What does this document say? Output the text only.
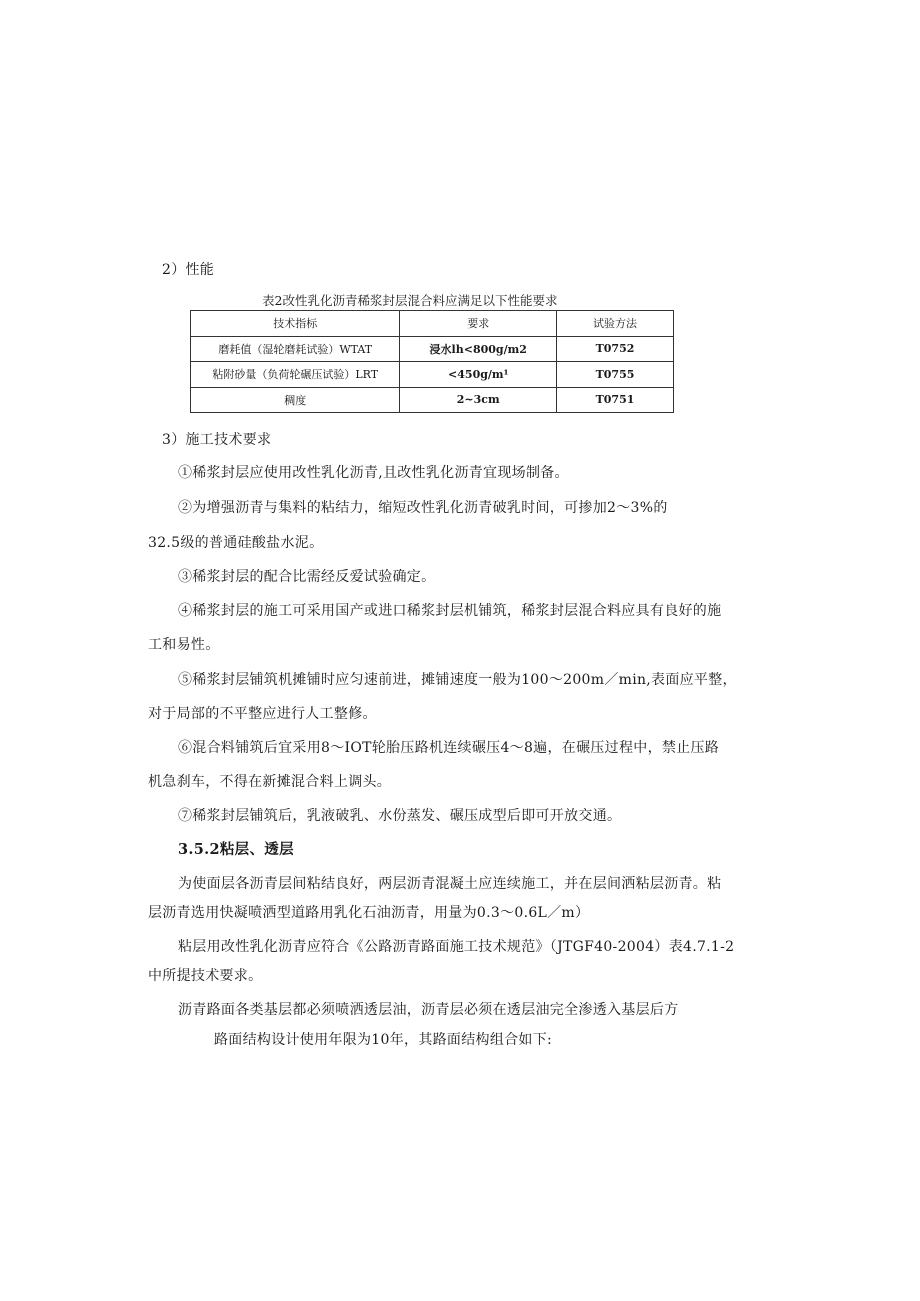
2）性能
表2改性乳化沥青稀浆封层混合料应满足以下性能要求
技术指标	要求	试验方法
磨耗值（湿轮磨耗试验）WTAT	浸水lh<800g/m2	T0752
粘附砂量（负荷轮碾压试验）LRT	<450g/m¹	T0755
稠度	2~3cm	T0751
3）施工技术要求
①稀浆封层应使用改性乳化沥青,且改性乳化沥青宜现场制备。
②为增强沥青与集料的粘结力，缩短改性乳化沥青破乳时间，可掺加2～3%的
32.5级的普通硅酸盐水泥。
③稀浆封层的配合比需经反爱试验确定。
④稀浆封层的施工可采用国产或进口稀浆封层机铺筑，稀浆封层混合料应具有良好的施
工和易性。
⑤稀浆封层铺筑机摊铺时应匀速前进，摊铺速度一般为100～200m／min,表面应平整，
对于局部的不平整应进行人工整修。
⑥混合料铺筑后宜采用8～IOT轮胎压路机连续碾压4～8遍，在碾压过程中，禁止压路
机急刹车，不得在新摊混合料上调头。
⑦稀浆封层铺筑后，乳液破乳、水份蒸发、碾压成型后即可开放交通。
3.5.2粘层、透层
为使面层各沥青层间粘结良好，两层沥青混凝土应连续施工，并在层间洒粘层沥青。粘
层沥青选用快凝喷洒型道路用乳化石油沥青，用量为0.3～0.6L／m）
粘层用改性乳化沥青应符合《公路沥青路面施工技术规范》（JTGF40-2004）表4.7.1-2
中所提技术要求。
沥青路面各类基层都必须喷洒透层油，沥青层必须在透层油完全渗透入基层后方
路面结构设计使用年限为10年，其路面结构组合如下:
